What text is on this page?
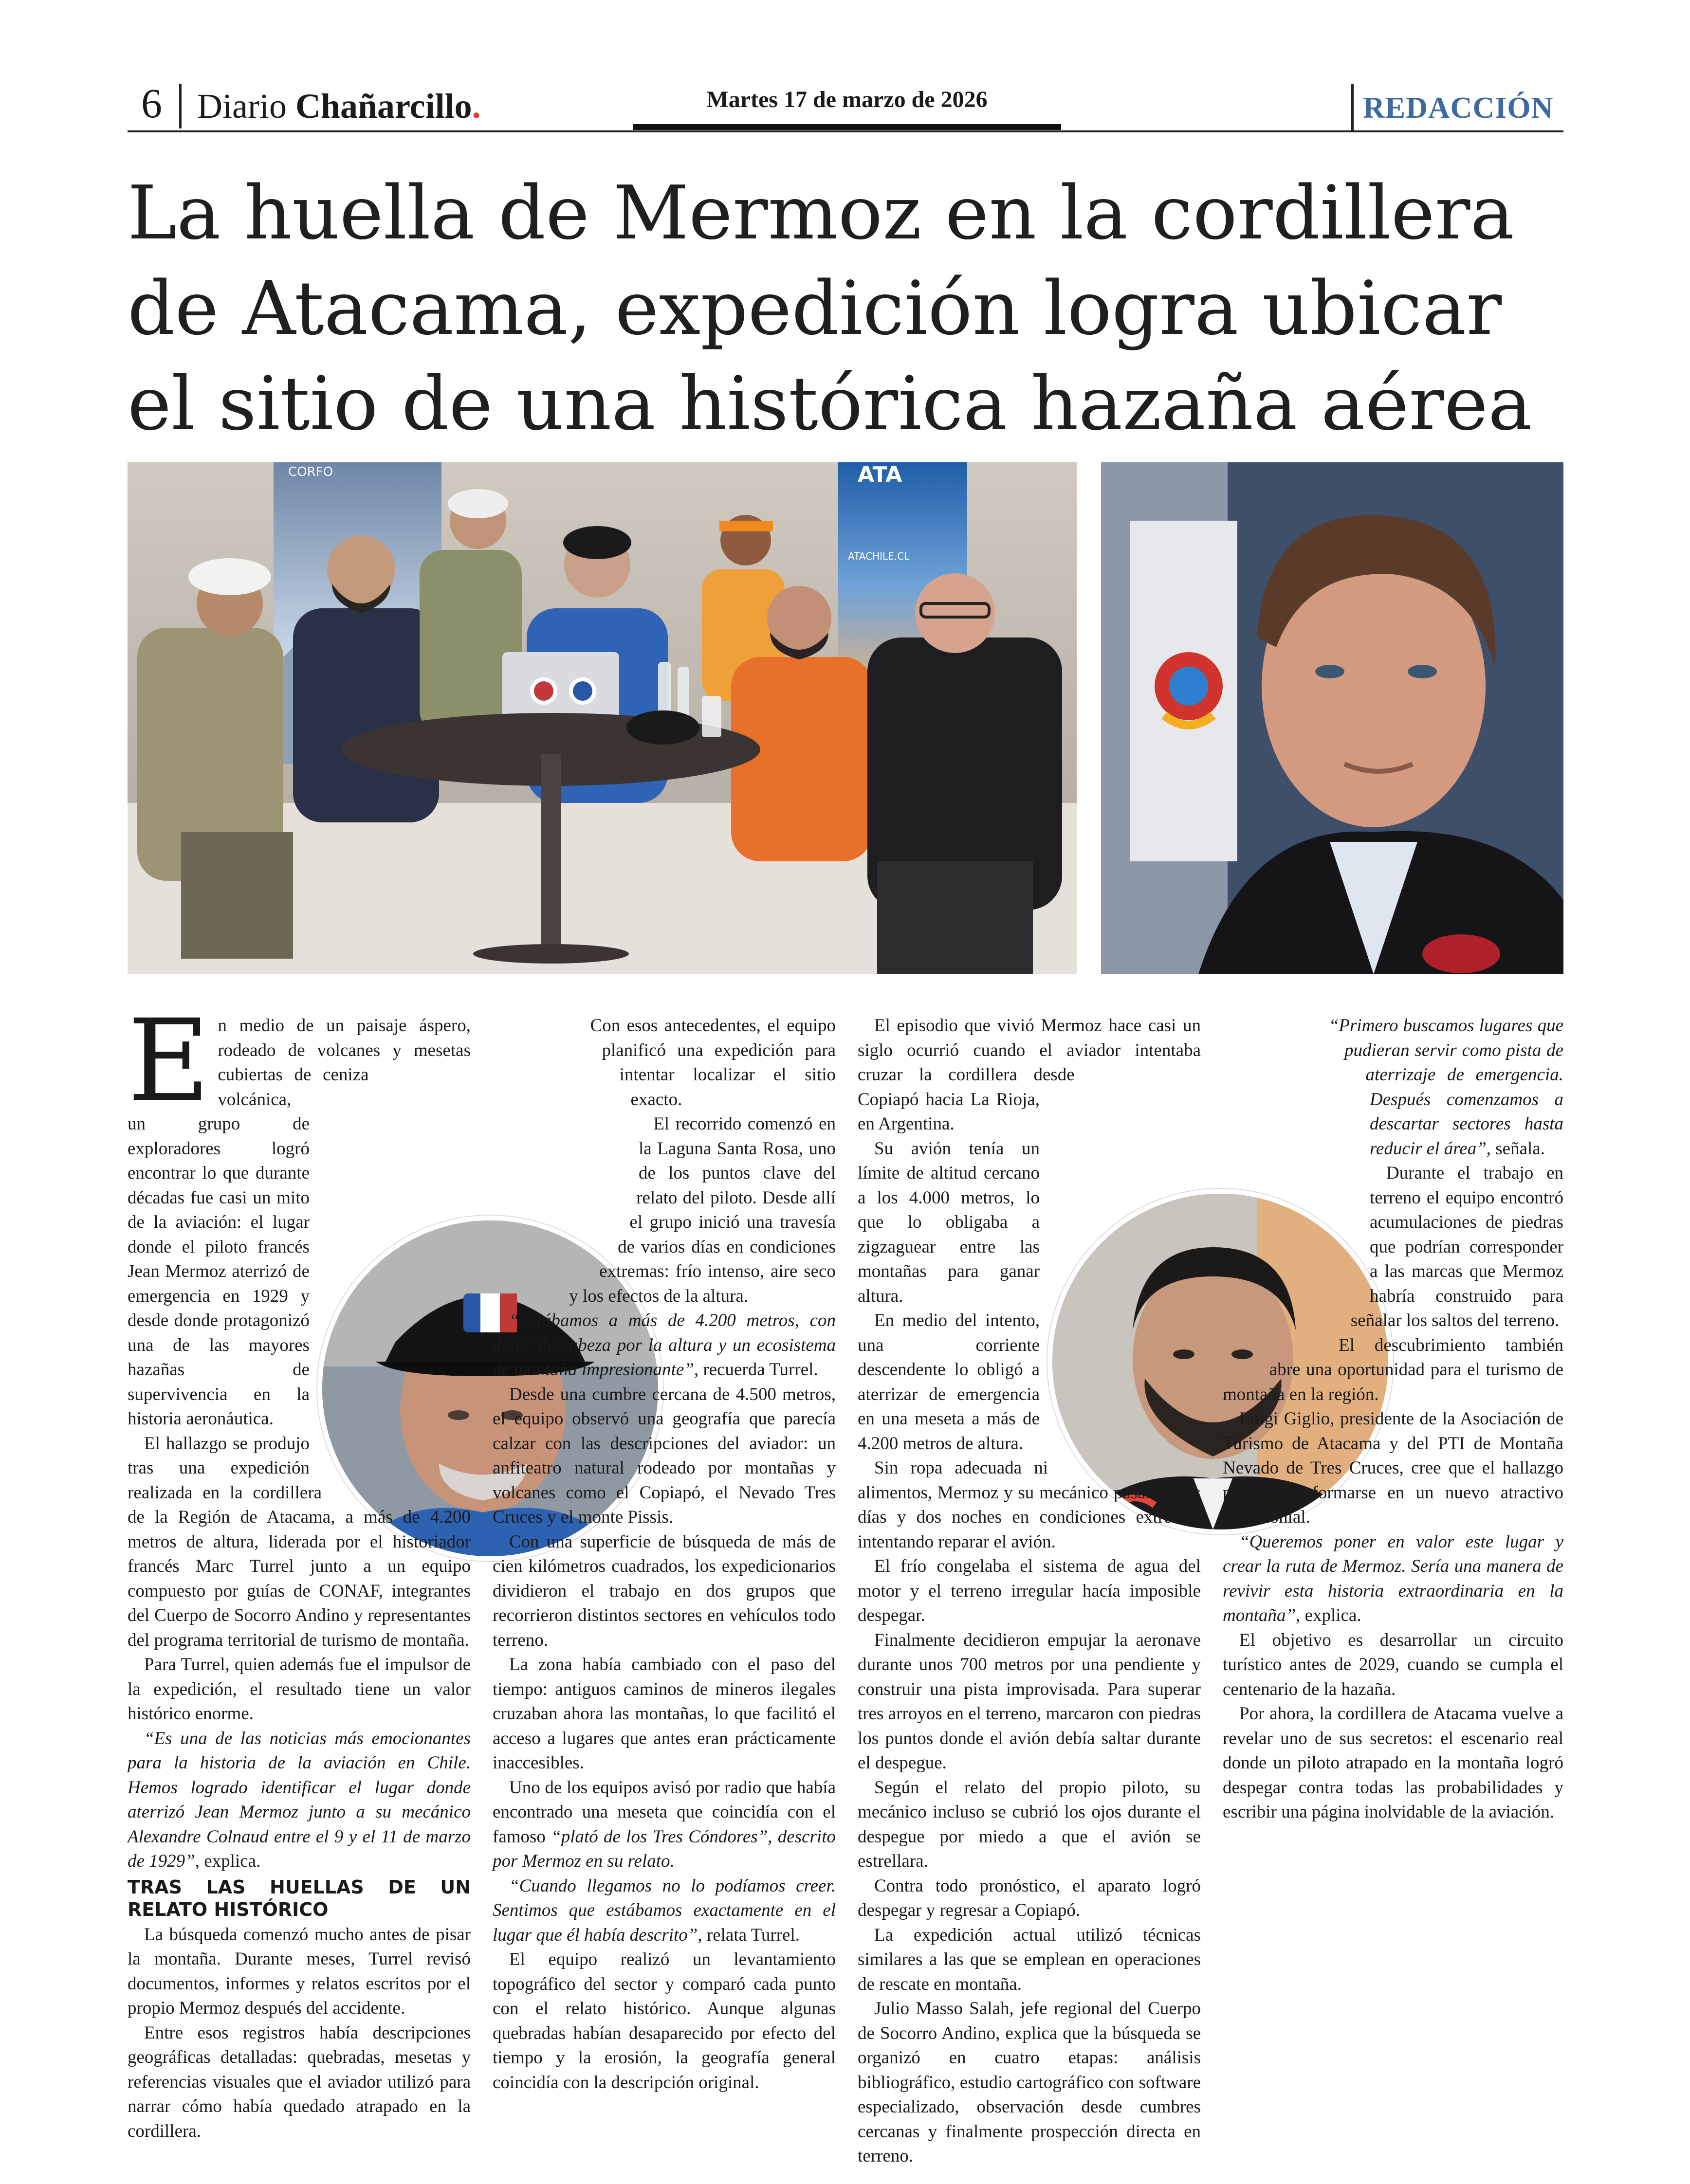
6 Diario Chañarcillo.	Martes 17 de marzo de 2026	REDACCIÓN
La huella de Mermoz en la cordillera de Atacama, expedición logra ubicar el sitio de una histórica hazaña aérea
CORFO	ATA
ATACHILE.CL
E n medio de un paisaje áspero, rodeado de volcanes y mesetas cubiertas de ceniza volcánica, un grupo de exploradores logró encontrar lo que durante décadas fue casi un mito de la aviación: el lugar donde el piloto francés Jean Mermoz aterrizó de emergencia en 1929 y desde donde protagonizó una de las mayores hazañas de supervivencia en la historia aeronáutica.

El hallazgo se produjo tras una expedición realizada en la cordillera de la Región de Atacama, a más de 4.200 metros de altura, liderada por el historiador francés Marc Turrel junto a un equipo compuesto por guías de CONAF, integrantes del Cuerpo de Socorro Andino y representantes del programa territorial de turismo de montaña.

Para Turrel, quien además fue el impulsor de la expedición, el resultado tiene un valor histórico enorme.

“Es una de las noticias más emocionantes para la historia de la aviación en Chile. Hemos logrado identificar el lugar donde aterrizó Jean Mermoz junto a su mecánico Alexandre Colnaud entre el 9 y el 11 de marzo de 1929”, explica.

TRAS LAS HUELLAS DE UN RELATO HISTÓRICO

La búsqueda comenzó mucho antes de pisar la montaña. Durante meses, Turrel revisó documentos, informes y relatos escritos por el propio Mermoz después del accidente.

Entre esos registros había descripciones geográficas detalladas: quebradas, mesetas y referencias visuales que el aviador utilizó para narrar cómo había quedado atrapado en la cordillera.

Con esos antecedentes, el equipo planificó una expedición para intentar localizar el sitio exacto.

El recorrido comenzó en la Laguna Santa Rosa, uno de los puntos clave del relato del piloto. Desde allí el grupo inició una travesía de varios días en condiciones extremas: frío intenso, aire seco y los efectos de la altura.

“Estábamos a más de 4.200 metros, con dolor de cabeza por la altura y un ecosistema de montaña impresionante”, recuerda Turrel.

Desde una cumbre cercana de 4.500 metros, el equipo observó una geografía que parecía calzar con las descripciones del aviador: un anfiteatro natural rodeado por montañas y volcanes como el Copiapó, el Nevado Tres Cruces y el monte Pissis.

Con una superficie de búsqueda de más de cien kilómetros cuadrados, los expedicionarios dividieron el trabajo en dos grupos que recorrieron distintos sectores en vehículos todo terreno.

La zona había cambiado con el paso del tiempo: antiguos caminos de mineros ilegales cruzaban ahora las montañas, lo que facilitó el acceso a lugares que antes eran prácticamente inaccesibles.

Uno de los equipos avisó por radio que había encontrado una meseta que coincidía con el famoso “plató de los Tres Cóndores”, descrito por Mermoz en su relato.

“Cuando llegamos no lo podíamos creer. Sentimos que estábamos exactamente en el lugar que él había descrito”, relata Turrel.

El equipo realizó un levantamiento topográfico del sector y comparó cada punto con el relato histórico. Aunque algunas quebradas habían desaparecido por efecto del tiempo y la erosión, la geografía general coincidía con la descripción original.

El episodio que vivió Mermoz hace casi un siglo ocurrió cuando el aviador intentaba cruzar la cordillera desde Copiapó hacia La Rioja, en Argentina.

Su avión tenía un límite de altitud cercano a los 4.000 metros, lo que lo obligaba a zigzaguear entre las montañas para ganar altura.

En medio del intento, una corriente descendente lo obligó a aterrizar de emergencia en una meseta a más de 4.200 metros de altura.

Sin ropa adecuada ni alimentos, Mermoz y su mecánico pasaron tres días y dos noches en condiciones extremas intentando reparar el avión.

El frío congelaba el sistema de agua del motor y el terreno irregular hacía imposible despegar.

Finalmente decidieron empujar la aeronave durante unos 700 metros por una pendiente y construir una pista improvisada. Para superar tres arroyos en el terreno, marcaron con piedras los puntos donde el avión debía saltar durante el despegue.

Según el relato del propio piloto, su mecánico incluso se cubrió los ojos durante el despegue por miedo a que el avión se estrellara.

Contra todo pronóstico, el aparato logró despegar y regresar a Copiapó.

La expedición actual utilizó técnicas similares a las que se emplean en operaciones de rescate en montaña.

Julio Masso Salah, jefe regional del Cuerpo de Socorro Andino, explica que la búsqueda se organizó en cuatro etapas: análisis bibliográfico, estudio cartográfico con software especializado, observación desde cumbres cercanas y finalmente prospección directa en terreno.

“Primero buscamos lugares que pudieran servir como pista de aterrizaje de emergencia. Después comenzamos a descartar sectores hasta reducir el área”, señala.

Durante el trabajo en terreno el equipo encontró acumulaciones de piedras que podrían corresponder a las marcas que Mermoz habría construido para señalar los saltos del terreno.

El descubrimiento también abre una oportunidad para el turismo de montaña en la región.

Luigi Giglio, presidente de la Asociación de Turismo de Atacama y del PTI de Montaña Nevado de Tres Cruces, cree que el hallazgo puede transformarse en un nuevo atractivo patrimonial.

“Queremos poner en valor este lugar y crear la ruta de Mermoz. Sería una manera de revivir esta historia extraordinaria en la montaña”, explica.

El objetivo es desarrollar un circuito turístico antes de 2029, cuando se cumpla el centenario de la hazaña.

Por ahora, la cordillera de Atacama vuelve a revelar uno de sus secretos: el escenario real donde un piloto atrapado en la montaña logró despegar contra todas las probabilidades y escribir una página inolvidable de la aviación.
